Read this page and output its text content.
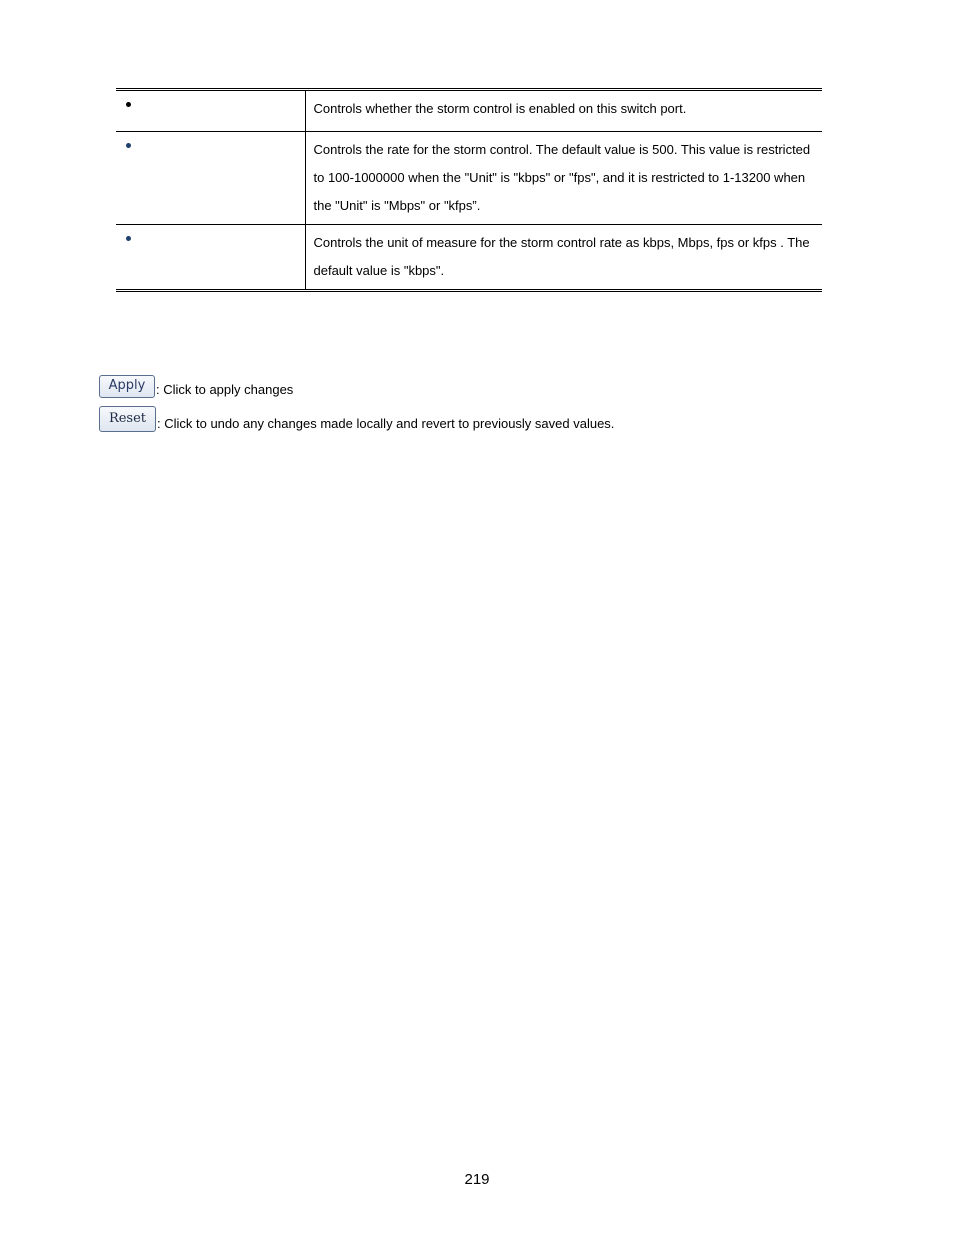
	Controls whether the storm control is enabled on this switch port.
	Controls the rate for the storm control. The default value is 500. This value is restricted to 100-1000000 when the "Unit" is "kbps" or "fps", and it is restricted to 1-13200 when the "Unit" is "Mbps" or "kfps”.
	Controls the unit of measure for the storm control rate as kbps, Mbps, fps or kfps . The default value is "kbps".
Apply : Click to apply changes
Reset : Click to undo any changes made locally and revert to previously saved values.
219
